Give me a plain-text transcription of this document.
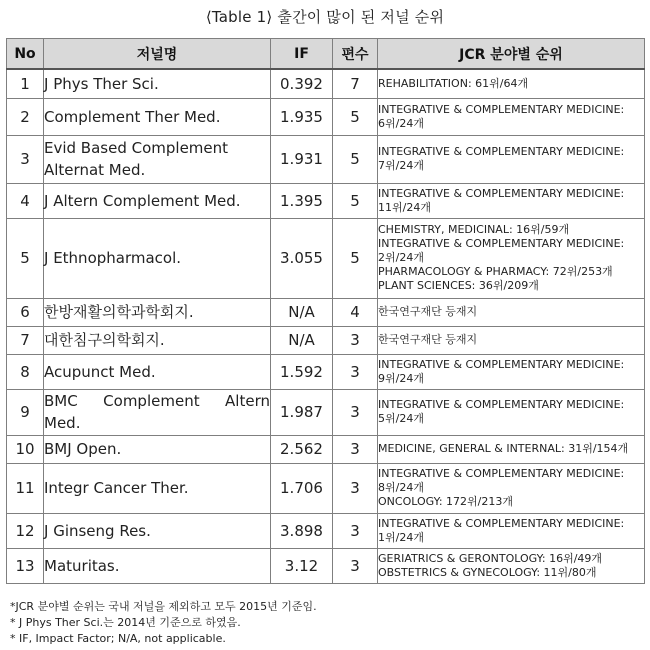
⟨Table 1⟩ 출간이 많이 된 저널 순위
No	저널명	IF	편수	JCR 분야별 순위
1	J Phys Ther Sci.	0.392	7	REHABILITATION: 61위/64개

2	Complement Ther Med.	1.935	5	INTEGRATIVE & COMPLEMENTARY MEDICINE:
6위/24개

3	Evid Based Complement
Alternat Med.	1.931	5	INTEGRATIVE & COMPLEMENTARY MEDICINE:
7위/24개

4	J Altern Complement Med.	1.395	5	INTEGRATIVE & COMPLEMENTARY MEDICINE:
11위/24개

5	J Ethnopharmacol.	3.055	5	CHEMISTRY, MEDICINAL: 16위/59개
INTEGRATIVE & COMPLEMENTARY MEDICINE:
2위/24개
PHARMACOLOGY & PHARMACY: 72위/253개
PLANT SCIENCES: 36위/209개

6	한방재활의학과학회지.	N/A	4	한국연구재단 등재지

7	대한침구의학회지.	N/A	3	한국연구재단 등재지

8	Acupunct Med.	1.592	3	INTEGRATIVE & COMPLEMENTARY MEDICINE:
9위/24개

9	BMC Complement Altern
Med.	1.987	3	INTEGRATIVE & COMPLEMENTARY MEDICINE:
5위/24개

10	BMJ Open.	2.562	3	MEDICINE, GENERAL & INTERNAL: 31위/154개

11	Integr Cancer Ther.	1.706	3	INTEGRATIVE & COMPLEMENTARY MEDICINE:
8위/24개
ONCOLOGY: 172위/213개

12	J Ginseng Res.	3.898	3	INTEGRATIVE & COMPLEMENTARY MEDICINE:
1위/24개

13	Maturitas.	3.12	3	GERIATRICS & GERONTOLOGY: 16위/49개
OBSTETRICS & GYNECOLOGY: 11위/80개
*JCR 분야별 순위는 국내 저널을 제외하고 모두 2015년 기준임.
* J Phys Ther Sci.는 2014년 기준으로 하였음.
* IF, Impact Factor; N/A, not applicable.
